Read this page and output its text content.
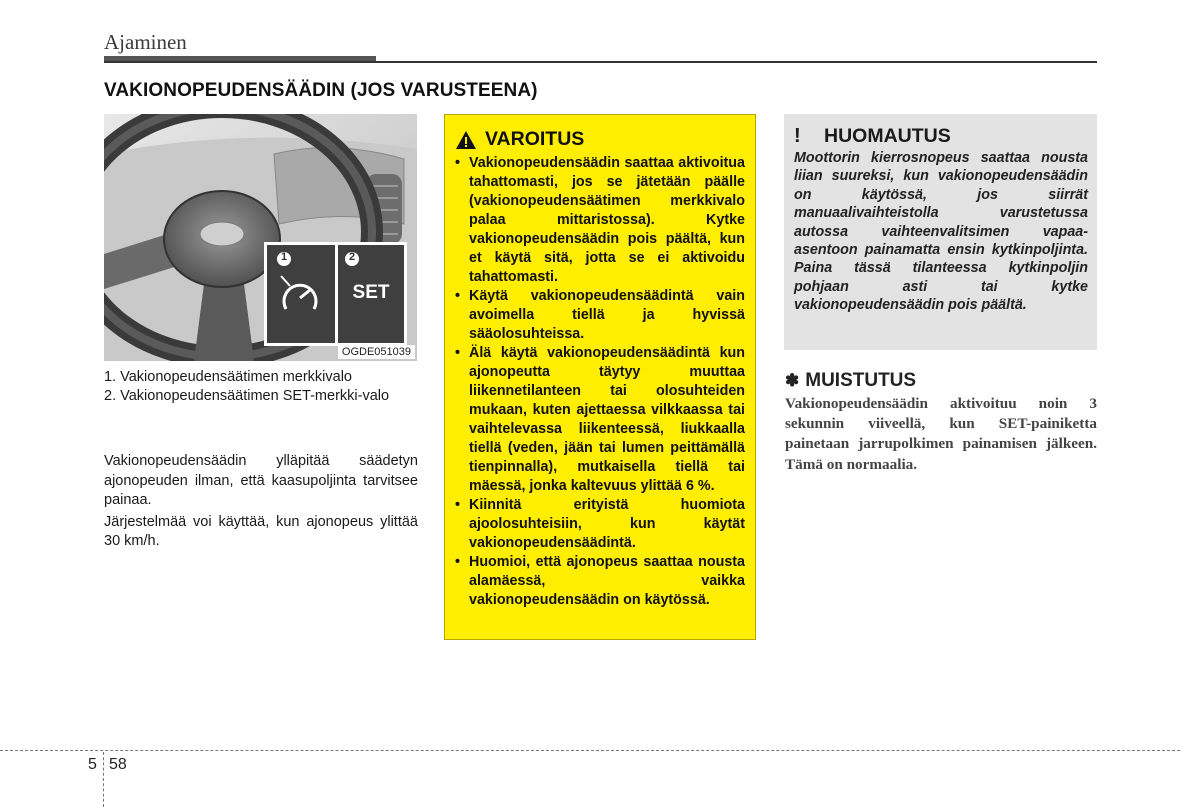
Ajaminen
VAKIONOPEUDENSÄÄDIN (JOS VARUSTEENA)
1	2
SET
OGDE051039
1. Vakionopeudensäätimen merkkivalo
2. Vakionopeudensäätimen SET-merkki-valo

Vakionopeudensäädin ylläpitää säädetyn ajonopeuden ilman, että kaasupoljinta tarvitsee painaa.

Järjestelmää voi käyttää, kun ajonopeus ylittää 30 km/h.

VAROITUS
• Vakionopeudensäädin saattaa aktivoitua tahattomasti, jos se jätetään päälle (vakionopeudensäätimen merkkivalo palaa mittaristossa). Kytke vakionopeudensäädin pois päältä, kun et käytä sitä, jotta se ei aktivoidu tahattomasti.
• Käytä vakionopeudensäädintä vain avoimella tiellä ja hyvissä sääolosuhteissa.
• Älä käytä vakionopeudensäädintä kun ajonopeutta täytyy muuttaa liikennetilanteen tai olosuhteiden mukaan, kuten ajettaessa vilkkaassa tai vaihtelevassa liikenteessä, liukkaalla tiellä (veden, jään tai lumen peittämällä tienpinnalla), mutkaisella tiellä tai mäessä, jonka kaltevuus ylittää 6 %.
• Kiinnitä erityistä huomiota ajoolosuhteisiin, kun käytät vakionopeudensäädintä.
• Huomioi, että ajonopeus saattaa nousta alamäessä, vaikka vakionopeudensäädin on käytössä.
!	HUOMAUTUS
Moottorin kierrosnopeus saattaa nousta liian suureksi, kun vakionopeudensäädin on käytössä, jos siirrät manuaalivaihteistolla varustetussa autossa vaihteenvalitsimen vapaa-asentoon painamatta ensin kytkinpoljinta. Paina tässä tilanteessa kytkinpoljin pohjaan asti tai kytke vakionopeudensäädin pois päältä.
✽ MUISTUTUS
Vakionopeudensäädin aktivoituu noin 3 sekunnin viiveellä, kun SET-painiketta painetaan jarrupolkimen painamisen jälkeen. Tämä on normaalia.
5 58
